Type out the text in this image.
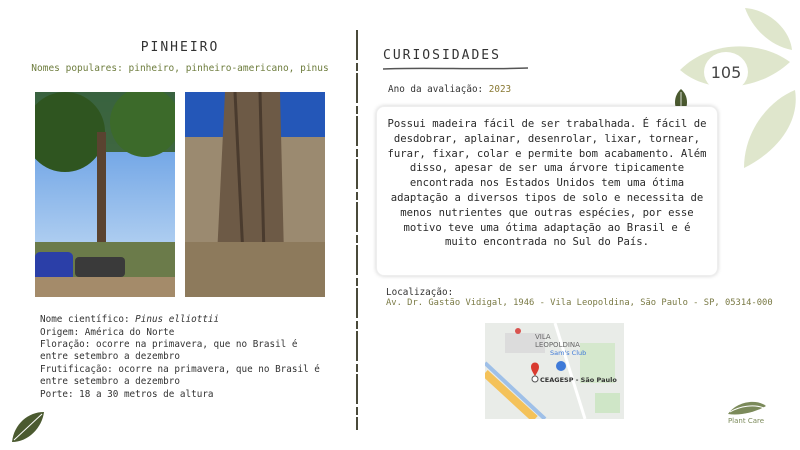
105
PINHEIRO
Nomes populares: pinheiro, pinheiro-americano, pinus
Nome científico: Pinus elliottii
Origem: América do Norte
Floração: ocorre na primavera, que no Brasil é
entre setembro a dezembro
Frutificação: ocorre na primavera, que no Brasil é
entre setembro a dezembro
Porte: 18 a 30 metros de altura
CURIOSIDADES
Ano da avaliação: 2023
Possui madeira fácil de ser trabalhada. É fácil de desdobrar, aplainar, desenrolar, lixar, tornear, furar, fixar, colar e permite bom acabamento. Além disso, apesar de ser uma árvore tipicamente encontrada nos Estados Unidos tem uma ótima adaptação a diversos tipos de solo e necessita de menos nutrientes que outras espécies, por esse motivo teve uma ótima adaptação ao Brasil e é muito encontrada no Sul do País.
Localização:
Av. Dr. Gastão Vidigal, 1946 - Vila Leopoldina, São Paulo - SP, 05314-000
VILA
LEOPOLDINA
Sam's Club
CEAGESP - São Paulo
Plant Care
